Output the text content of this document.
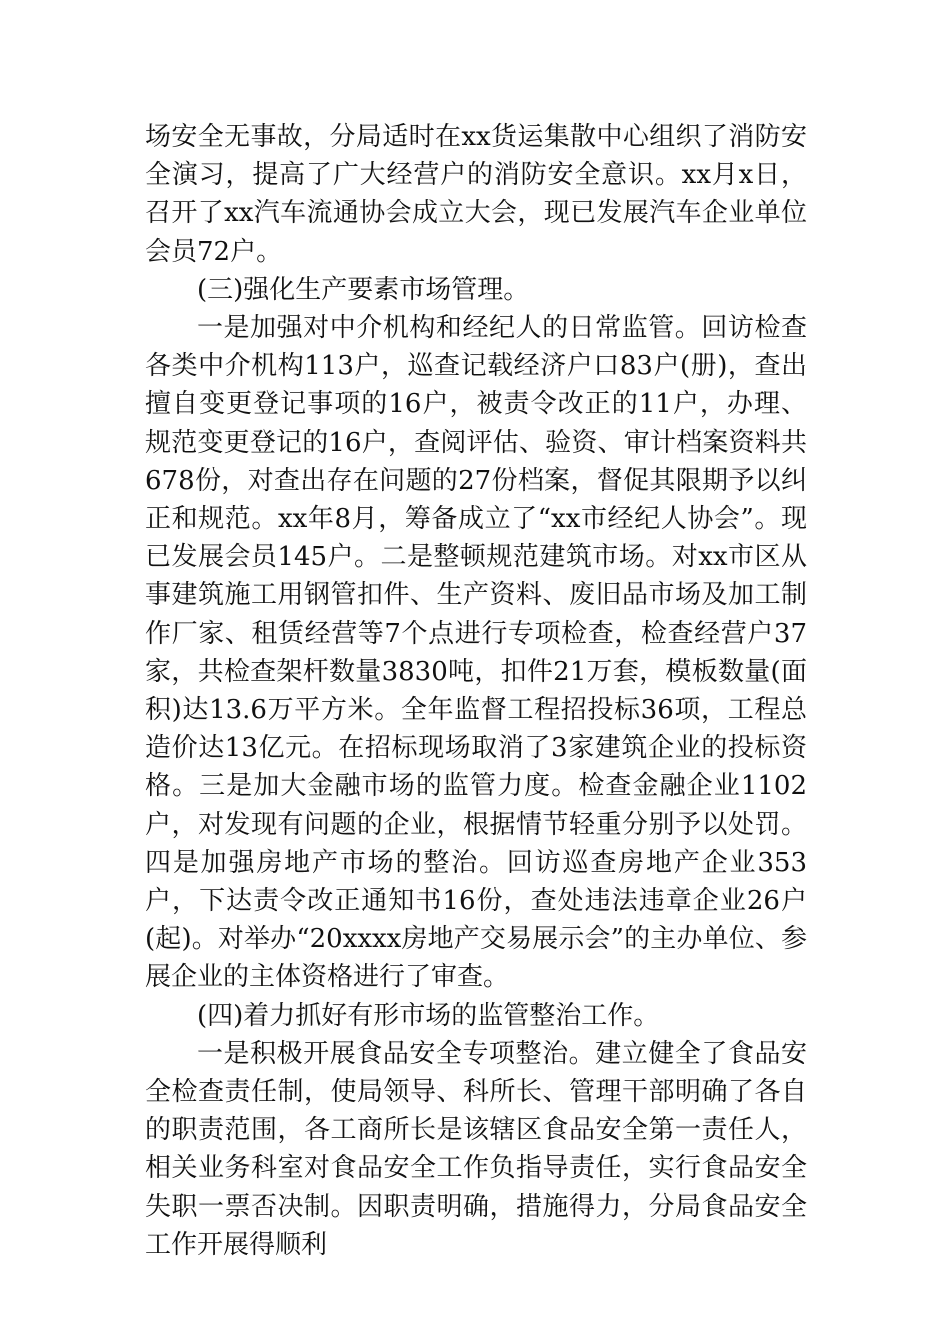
场安全无事故，分局适时在xx货运集散中心组织了消防安全演习，提高了广大经营户的消防安全意识。xx月x日，召开了xx汽车流通协会成立大会，现已发展汽车企业单位会员72户。

(三)强化生产要素市场管理。

一是加强对中介机构和经纪人的日常监管。回访检查各类中介机构113户，巡查记载经济户口83户(册)，查出擅自变更登记事项的16户，被责令改正的11户，办理、规范变更登记的16户，查阅评估、验资、审计档案资料共678份，对查出存在问题的27份档案，督促其限期予以纠正和规范。xx年8月，筹备成立了“xx市经纪人协会”。现已发展会员145户。二是整顿规范建筑市场。对xx市区从事建筑施工用钢管扣件、生产资料、废旧品市场及加工制作厂家、租赁经营等7个点进行专项检查，检查经营户37家，共检查架杆数量3830吨，扣件21万套，模板数量(面积)达13.6万平方米。全年监督工程招投标36项，工程总造价达13亿元。在招标现场取消了3家建筑企业的投标资格。三是加大金融市场的监管力度。检查金融企业1102户，对发现有问题的企业，根据情节轻重分别予以处罚。四是加强房地产市场的整治。回访巡查房地产企业353户，下达责令改正通知书16份，查处违法违章企业26户(起)。对举办“20xxxx房地产交易展示会”的主办单位、参展企业的主体资格进行了审查。

(四)着力抓好有形市场的监管整治工作。

一是积极开展食品安全专项整治。建立健全了食品安全检查责任制，使局领导、科所长、管理干部明确了各自的职责范围，各工商所长是该辖区食品安全第一责任人，相关业务科室对食品安全工作负指导责任，实行食品安全失职一票否决制。因职责明确，措施得力，分局食品安全工作开展得顺利
